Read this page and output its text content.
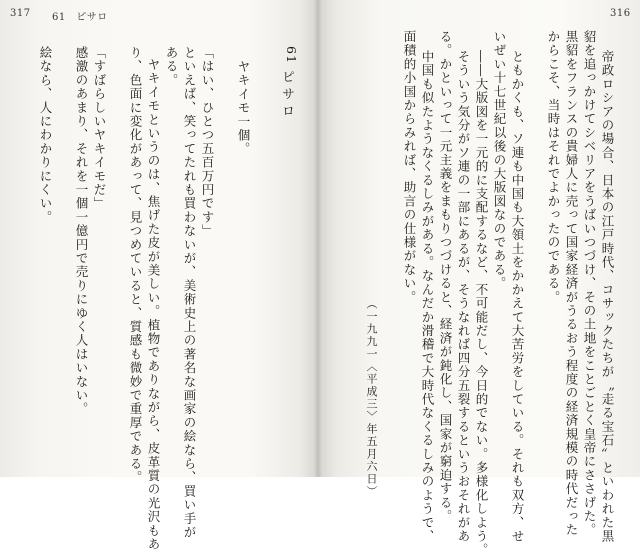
317 61　ピサロ
61
ピサロ
ヤキイモ一個。
「はい、ひとつ五百万円です」
といえば、笑ってたれも買わないが、美術史上の著名な画家の絵なら、買い手が
ある。
ヤキイモというのは、焦げた皮が美しい。植物でありながら、皮革質の光沢もあ
り、色面に変化があって、見つめていると、質感も微妙で重厚である。
「すばらしいヤキイモだ」
感激のあまり、それを一個一億円で売りにゆく人はいない。
絵なら、人にわかりにくい。
316
帝政ロシアの場合、日本の江戸時代、コサックたちが〝走る宝石〟といわれた黒
貂を追っかけてシベリアをうばいつづけ、その土地をことごとく皇帝にささげた。
黒貂をフランスの貴婦人に売って国家経済がうるおう程度の経済規模の時代だった
からこそ、当時はそれでよかったのである。
ともかくも、ソ連も中国も大領土をかかえて大苦労をしている。それも双方、せ
いぜい十七世紀以後の大版図なのである。
――大版図を一元的に支配するなど、不可能だし、今日的でない。多様化しよう。
そういう気分がソ連の一部にあるが、そうなれば四分五裂するというおそれがあ
る。かといって一元主義をまもりつづけると、経済が鈍化し、国家が窮迫する。
中国も似たようなくるしみがある。なんだか滑稽で大時代なくるしみのようで、
面積的小国からみれば、助言の仕様がない。
（一九九一〈平成三〉年五月六日）
